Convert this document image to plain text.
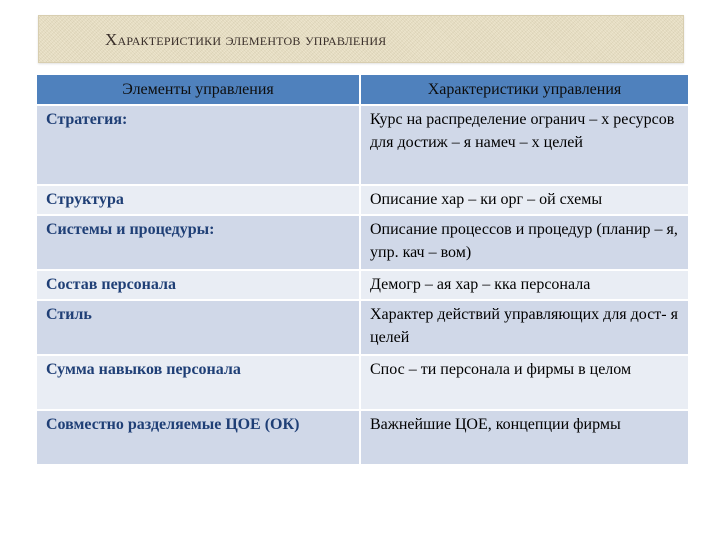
Характеристики элементов управления
Элементы управления	Характеристики управления
Стратегия:	Курс на распределение огранич – х ресурсов для достиж – я намеч – х целей
Структура	Описание хар – ки орг – ой схемы
Системы и процедуры:	Описание процессов и процедур (планир – я, упр. кач – вом)
Состав персонала	Демогр – ая хар – кка персонала
Стиль	Характер действий управляющих для дост- я целей
Сумма навыков персонала	Спос – ти персонала и фирмы в целом
Совместно разделяемые ЦОЕ (ОК)	Важнейшие ЦОЕ, концепции фирмы
